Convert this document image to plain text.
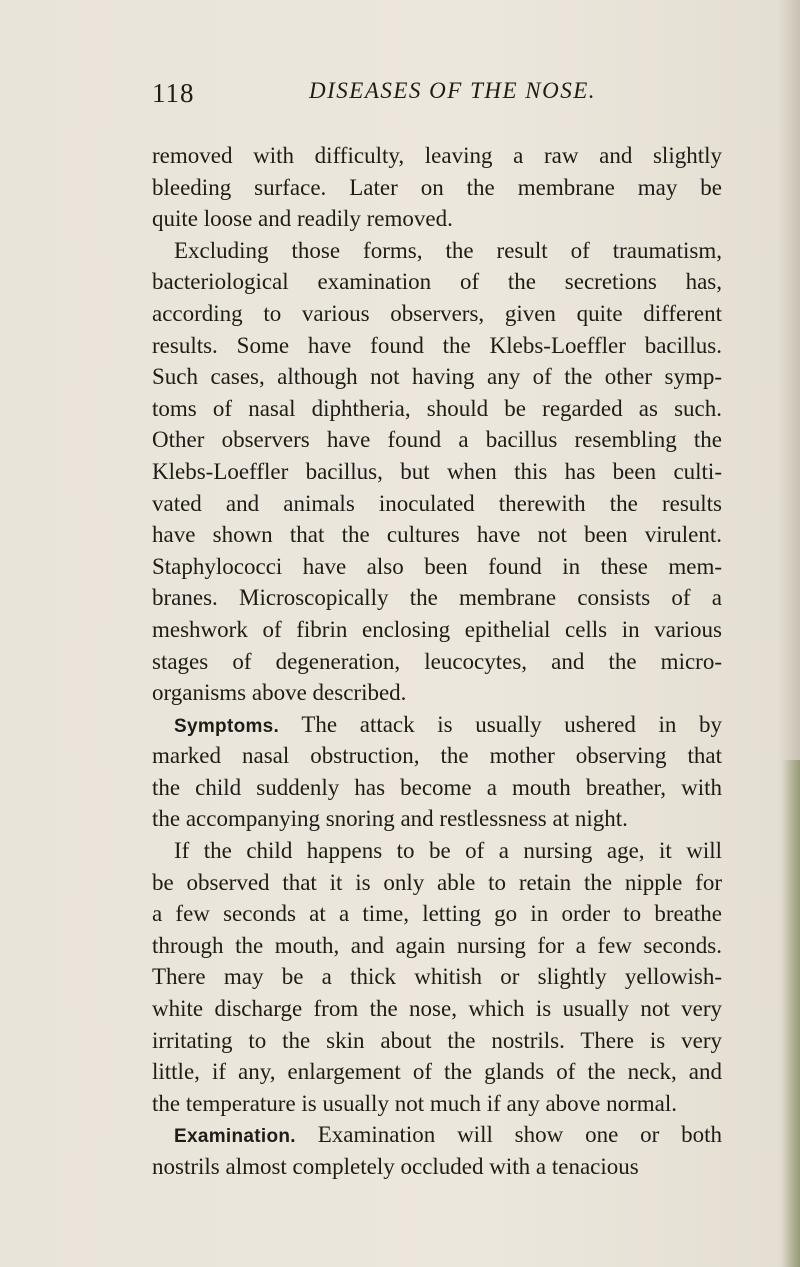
118	DISEASES OF THE NOSE.
removed with difficulty, leaving a raw and slightly
bleeding surface. Later on the membrane may be
quite loose and readily removed.
Excluding those forms, the result of traumatism,
bacteriological examination of the secretions has,
according to various observers, given quite different
results. Some have found the Klebs-Loeffler bacillus.
Such cases, although not having any of the other symp-
toms of nasal diphtheria, should be regarded as such.
Other observers have found a bacillus resembling the
Klebs-Loeffler bacillus, but when this has been culti-
vated and animals inoculated therewith the results
have shown that the cultures have not been virulent.
Staphylococci have also been found in these mem-
branes. Microscopically the membrane consists of a
meshwork of fibrin enclosing epithelial cells in various
stages of degeneration, leucocytes, and the micro-
organisms above described.
Symptoms. The attack is usually ushered in by
marked nasal obstruction, the mother observing that
the child suddenly has become a mouth breather, with
the accompanying snoring and restlessness at night.
If the child happens to be of a nursing age, it will
be observed that it is only able to retain the nipple for
a few seconds at a time, letting go in order to breathe
through the mouth, and again nursing for a few seconds.
There may be a thick whitish or slightly yellowish-
white discharge from the nose, which is usually not very
irritating to the skin about the nostrils. There is very
little, if any, enlargement of the glands of the neck, and
the temperature is usually not much if any above normal.
Examination. Examination will show one or both
nostrils almost completely occluded with a tenacious
